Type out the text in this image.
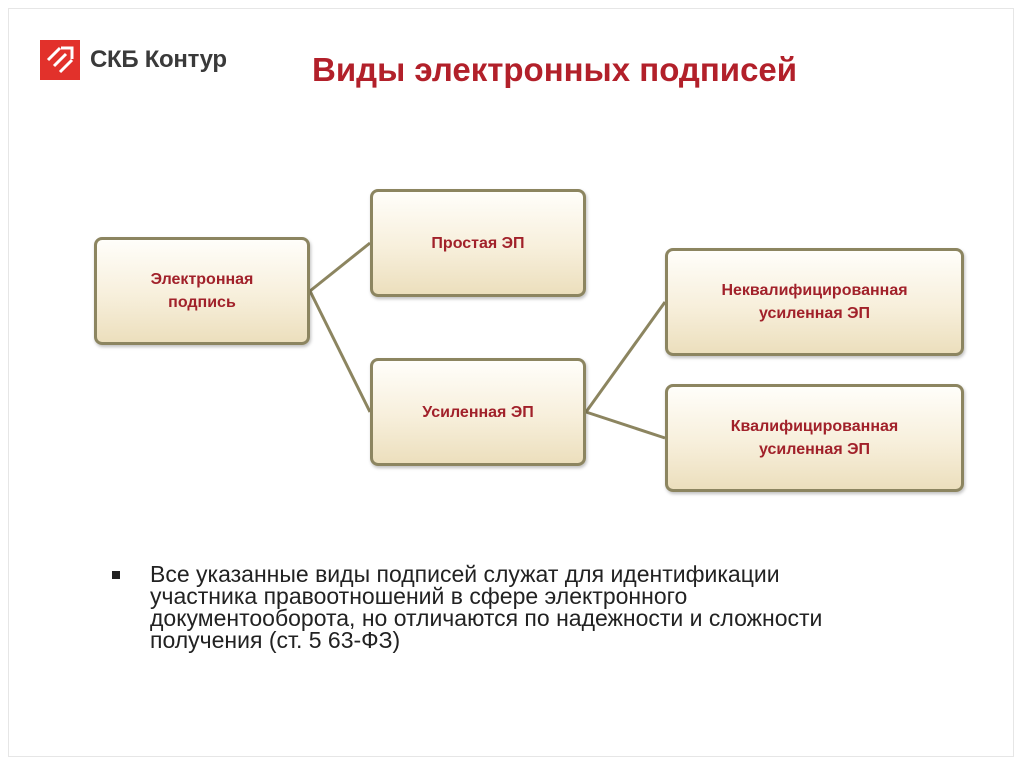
СКБ Контур	Виды электронных подписей
Электронная
подпись
Простая ЭП
Усиленная ЭП
Неквалифицированная
усиленная ЭП
Квалифицированная
усиленная ЭП
Все указанные виды подписей служат для идентификации
участника правоотношений в сфере электронного
документооборота, но отличаются по надежности и сложности
получения (ст. 5 63-ФЗ)
